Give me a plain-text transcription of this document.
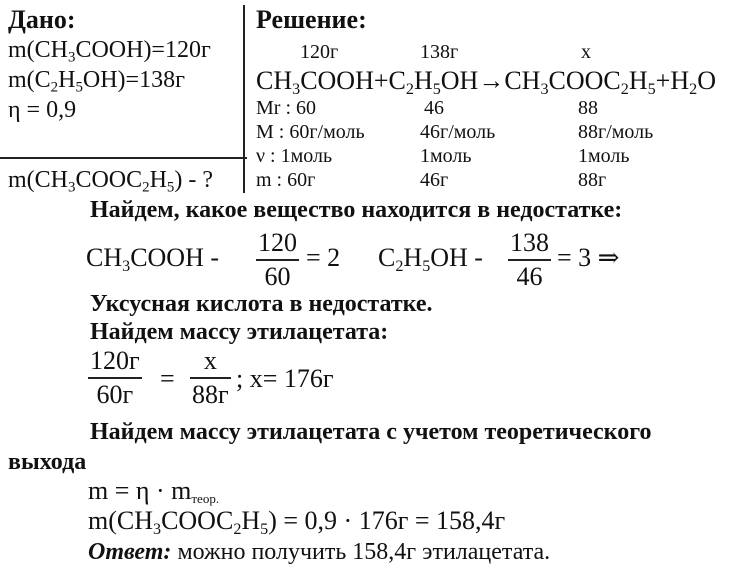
Дано:
$m(CH_3COOH)=120г$
$m(C_2H_5OH)=138г$
η = 0,9
$m(CH_3COOC_2H_5)$ - ?
Решение:
120г	138г	x
$CH_3COOH+C_2H_5OH\to CH_3COOC_2H_5+H_2O$
Mr : 60	46	88
M : 60г/моль	46г/моль	88г/моль
ν : 1моль	1моль	1моль
m : 60г	46г	88г
Найдем, какое вещество находится в недостатке:
$CH_3COOH$ -
120
60
= 2 $C_2H_5OH$ -
138
46
= 3 ⇒
Уксусная кислота в недостатке.
Найдем массу этилацетата:
120г
60г
=
x
88г
; x= 176г
Найдем массу этилацетата с учетом теоретического
выхода
$m = \eta \cdot m_{теор.}$
$m(CH_3COOC_2H_5) = 0,9 \cdot 176г = 158,4г$
Ответ: можно получить 158,4г этилацетата.
